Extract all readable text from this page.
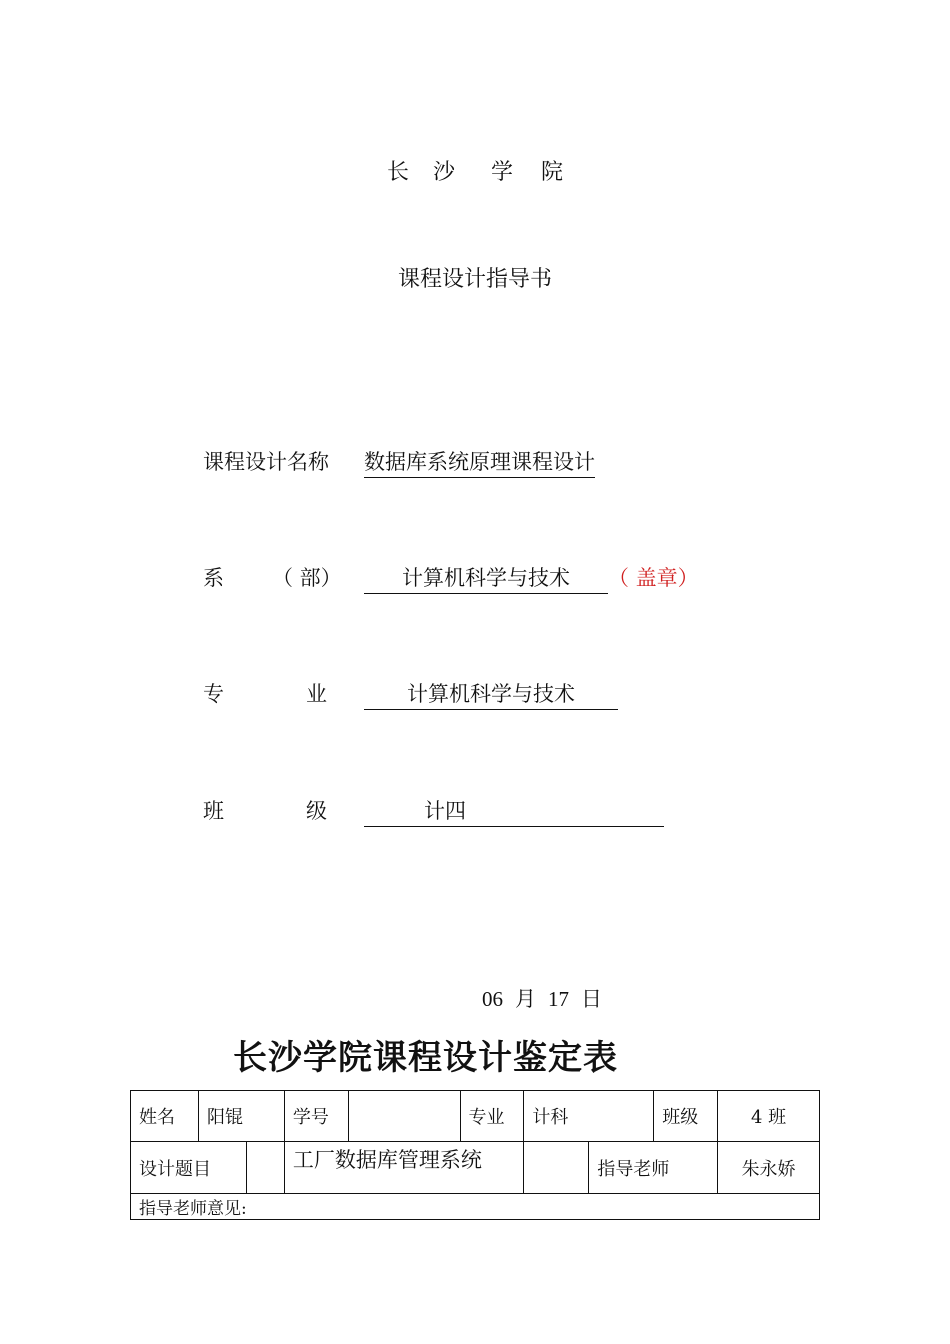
长 沙 学 院
课程设计指导书
课程设计名称 数据库系统原理课程设计
系 （ 部）	计算机科学与技术	（ 盖章）
专	业	计算机科学与技术
班	级	计四
06 月 17 日
长沙学院课程设计鉴定表
姓名	阳锟	学号		专业	计科	班级	4 班

设计题目		工厂数据库管理系统			指导老师		朱永娇
指导老师意见:							
